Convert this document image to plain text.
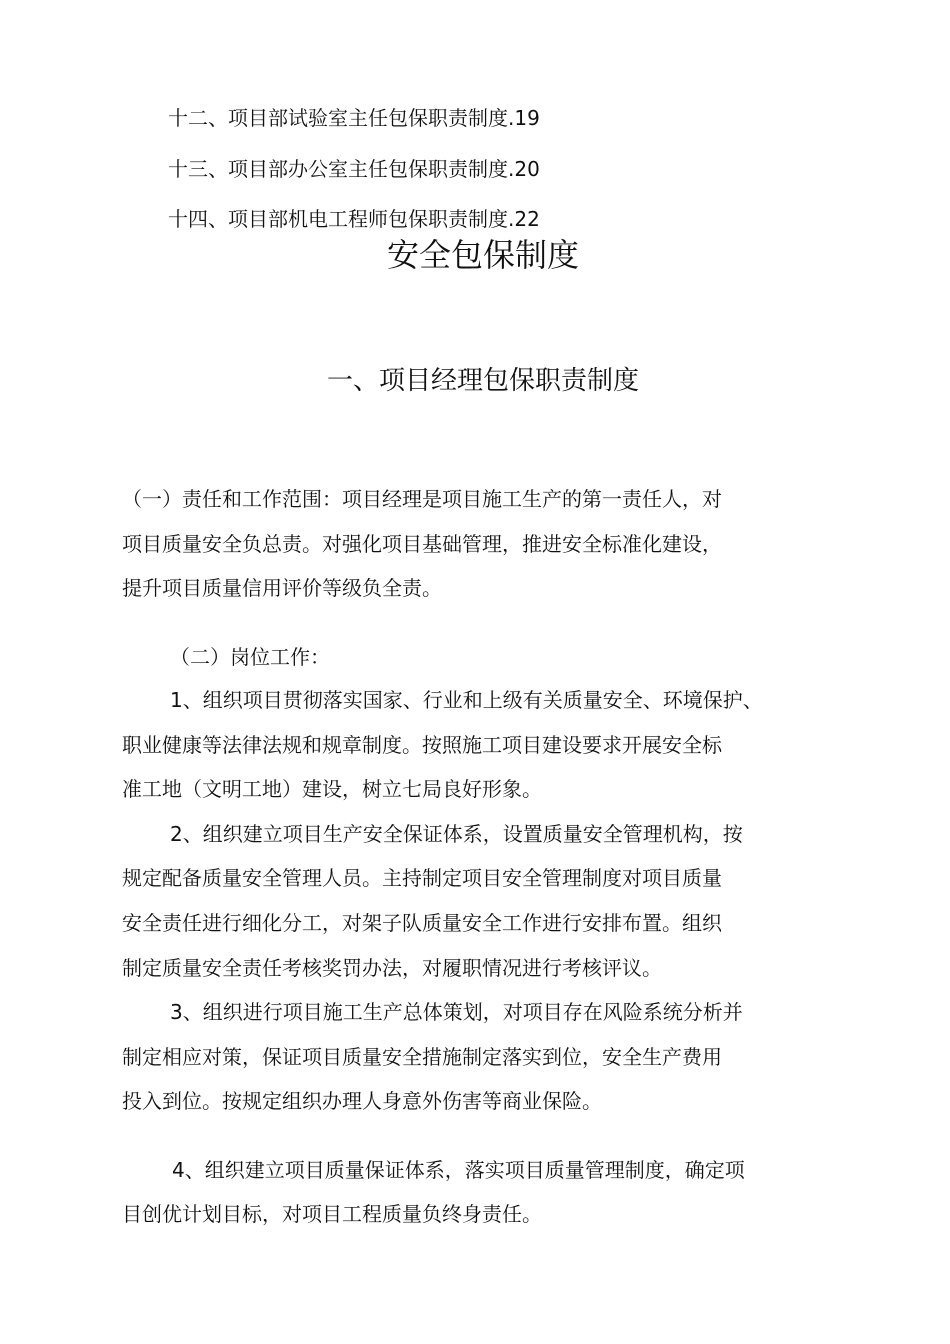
十二、项目部试验室主任包保职责制度.19
十三、项目部办公室主任包保职责制度.20
十四、项目部机电工程师包保职责制度.22
安全包保制度
一、项目经理包保职责制度
（一）责任和工作范围：项目经理是项目施工生产的第一责任人，对
项目质量安全负总责。对强化项目基础管理，推进安全标准化建设，
提升项目质量信用评价等级负全责。
（二）岗位工作：
1、组织项目贯彻落实国家、行业和上级有关质量安全、环境保护、
职业健康等法律法规和规章制度。按照施工项目建设要求开展安全标
准工地（文明工地）建设，树立七局良好形象。
2、组织建立项目生产安全保证体系，设置质量安全管理机构，按
规定配备质量安全管理人员。主持制定项目安全管理制度对项目质量
安全责任进行细化分工，对架子队质量安全工作进行安排布置。组织
制定质量安全责任考核奖罚办法，对履职情况进行考核评议。
3、组织进行项目施工生产总体策划，对项目存在风险系统分析并
制定相应对策，保证项目质量安全措施制定落实到位，安全生产费用
投入到位。按规定组织办理人身意外伤害等商业保险。
4、组织建立项目质量保证体系，落实项目质量管理制度，确定项
目创优计划目标，对项目工程质量负终身责任。
